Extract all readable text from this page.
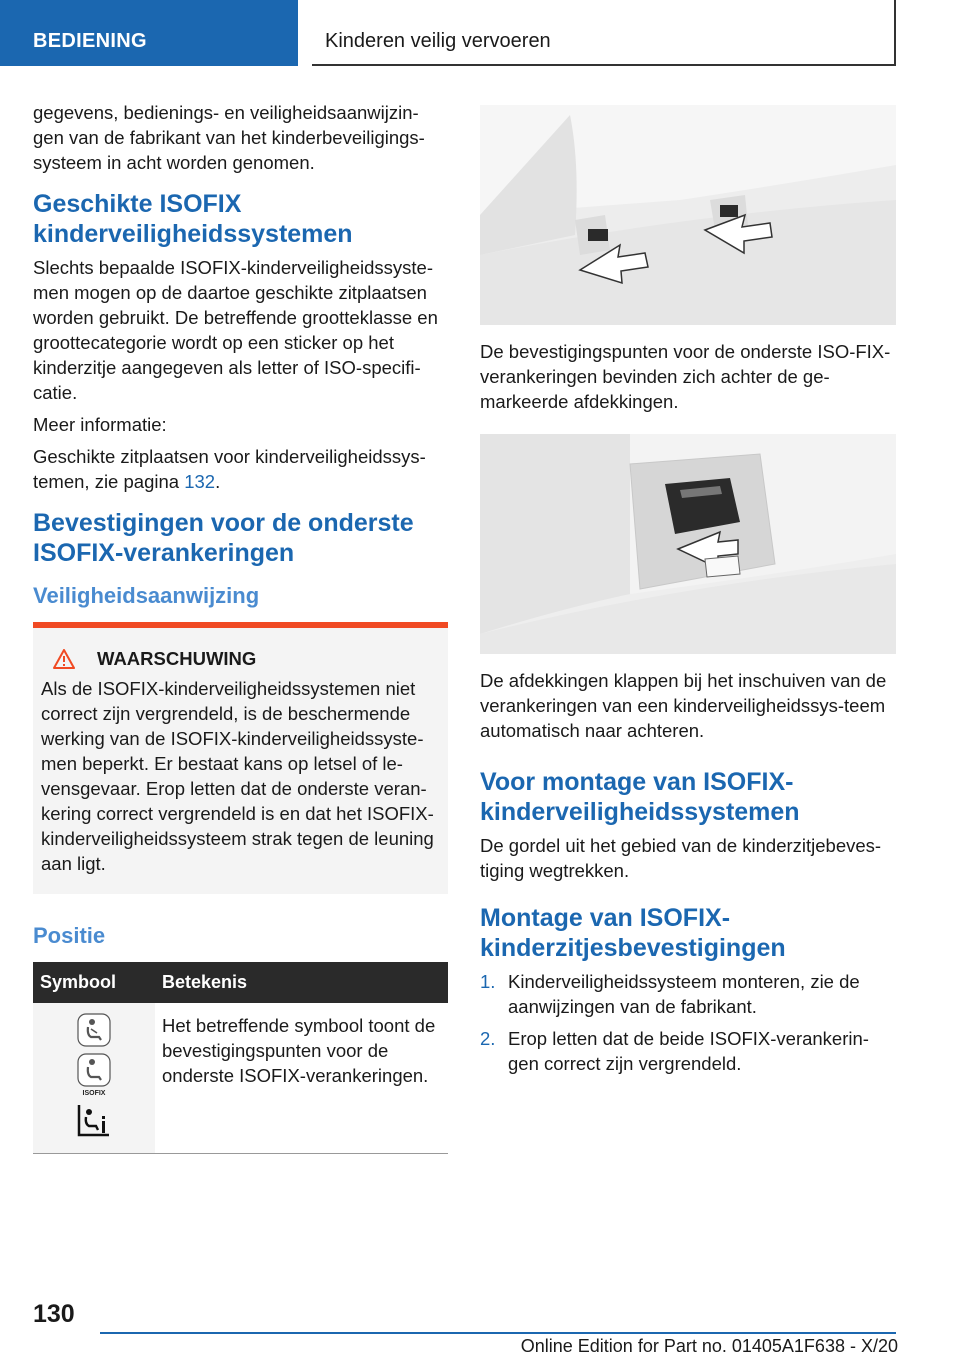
BEDIENING	Kinderen veilig vervoeren

gegevens, bedienings- en veiligheidsaanwijzin-gen van de fabrikant van het kinderbeveiligings-systeem in acht worden genomen.

Geschikte ISOFIX kinderveiligheidssystemen

Slechts bepaalde ISOFIX-kinderveiligheidssyste-men mogen op de daartoe geschikte zitplaatsen worden gebruikt. De betreffende grootteklasse en groottecategorie wordt op een sticker op het kinderzitje aangegeven als letter of ISO-specifi-catie.

Meer informatie:

Geschikte zitplaatsen voor kinderveiligheidssys-temen, zie pagina 132.

Bevestigingen voor de onderste ISOFIX-verankeringen
Veiligheidsaanwijzing
WAARSCHUWING

Als de ISOFIX-kinderveiligheidssystemen niet correct zijn vergrendeld, is de beschermende werking van de ISOFIX-kinderveiligheidssyste-men beperkt. Er bestaat kans op letsel of le-vensgevaar. Erop letten dat de onderste veran-kering correct vergrendeld is en dat het ISOFIX-kinderveiligheidssysteem strak tegen de leuning aan ligt.

Positie
Symbool	Betekenis

ISOFIX	Het betreffende symbool toont de bevestigingspunten voor de onderste ISOFIX-verankeringen.

De bevestigingspunten voor de onderste ISO-FIX-verankeringen bevinden zich achter de ge-markeerde afdekkingen.

De afdekkingen klappen bij het inschuiven van de verankeringen van een kinderveiligheidssys-teem automatisch naar achteren.

Voor montage van ISOFIX-kinderveiligheidssystemen

De gordel uit het gebied van de kinderzitjebeves-tiging wegtrekken.

Montage van ISOFIX-kinderzitjesbevestigingen
1. Kinderveiligheidssysteem monteren, zie de aanwijzingen van de fabrikant.
2. Erop letten dat de beide ISOFIX-verankerin-gen correct zijn vergrendeld.
130
Online Edition for Part no. 01405A1F638 - X/20
